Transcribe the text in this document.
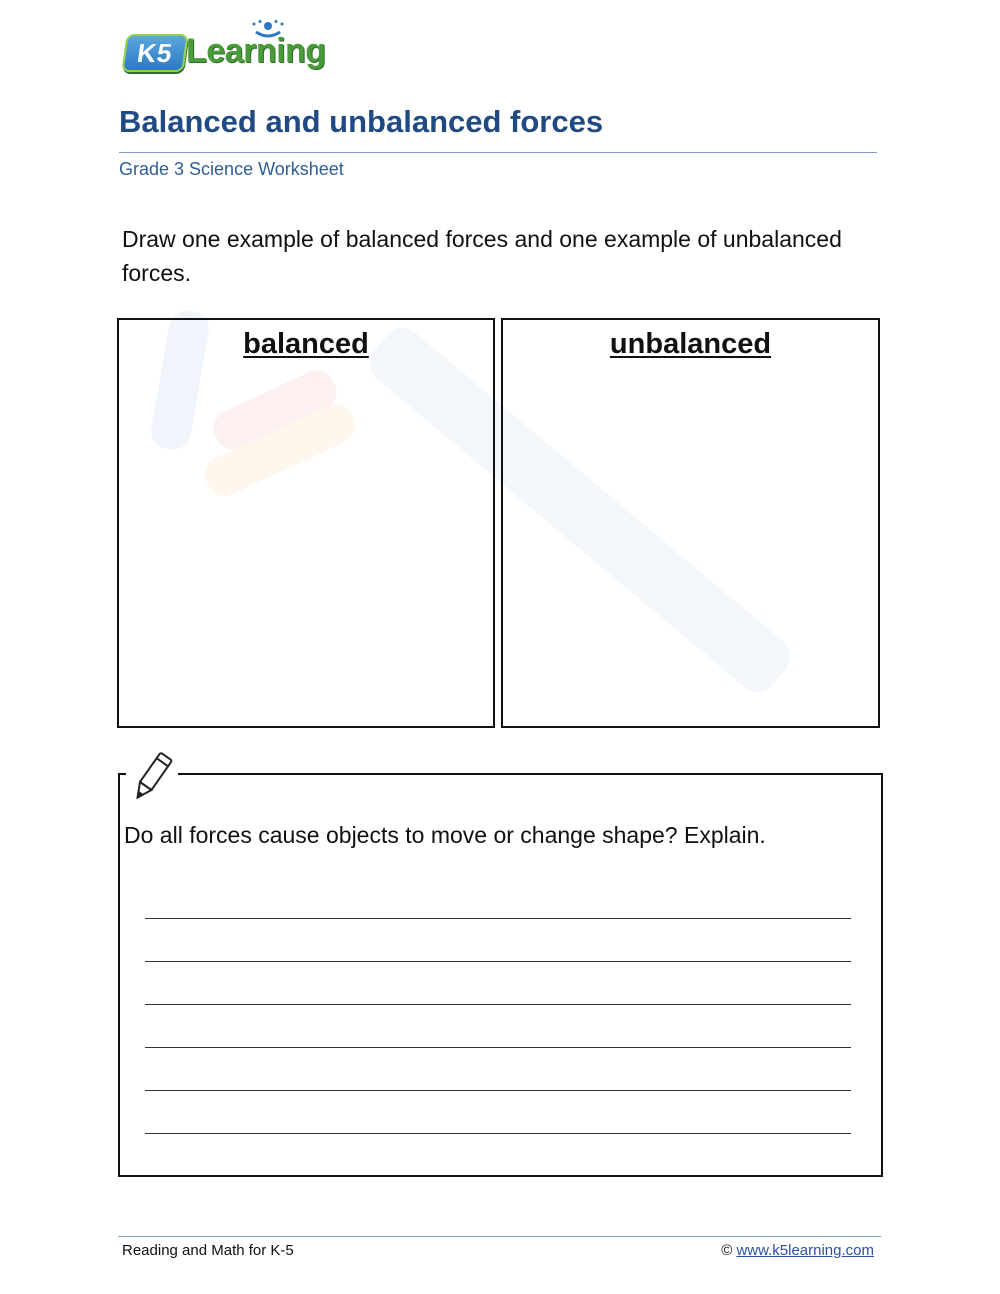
K5 Learning
Balanced and unbalanced forces
Grade 3 Science Worksheet
Draw one example of balanced forces and one example of unbalanced forces.
balanced	unbalanced
Do all forces cause objects to move or change shape? Explain.
Reading and Math for K-5	© www.k5learning.com
